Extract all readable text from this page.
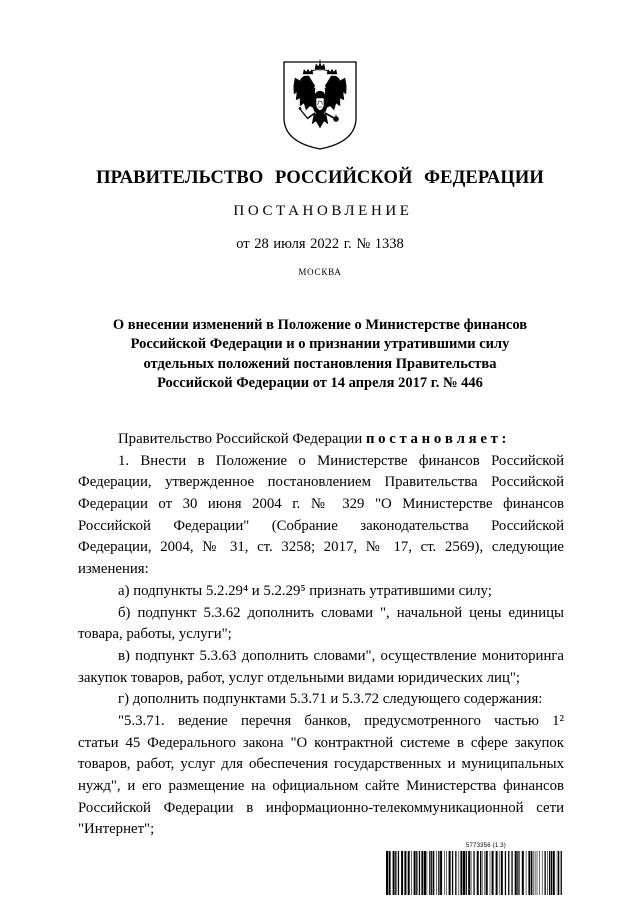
ПРАВИТЕЛЬСТВО РОССИЙСКОЙ ФЕДЕРАЦИИ
ПОСТАНОВЛЕНИЕ
от 28 июля 2022 г. № 1338
МОСКВА
О внесении изменений в Положение о Министерстве финансов
Российской Федерации и о признании утратившими силу
отдельных положений постановления Правительства
Российской Федерации от 14 апреля 2017 г. № 446
Правительство Российской Федерации п о с т а н о в л я е т :
1. Внести в Положение о Министерстве финансов Российской
Федерации, утвержденное постановлением Правительства Российской
Федерации от 30 июня 2004 г. № 329 "О Министерстве финансов
Российской Федерации" (Собрание законодательства Российской
Федерации, 2004, № 31, ст. 3258; 2017, № 17, ст. 2569), следующие
изменения:
а) подпункты 5.2.29⁴ и 5.2.29⁵ признать утратившими силу;
б) подпункт 5.3.62 дополнить словами ", начальной цены единицы
товара, работы, услуги";
в) подпункт 5.3.63 дополнить словами", осуществление мониторинга
закупок товаров, работ, услуг отдельными видами юридических лиц";
г) дополнить подпунктами 5.3.71 и 5.3.72 следующего содержания:
"5.3.71. ведение перечня банков, предусмотренного частью 1²
статьи 45 Федерального закона "О контрактной системе в сфере закупок
товаров, работ, услуг для обеспечения государственных и муниципальных
нужд", и его размещение на официальном сайте Министерства финансов
Российской Федерации в информационно-телекоммуникационной сети
"Интернет";
5773356 (1.3)
